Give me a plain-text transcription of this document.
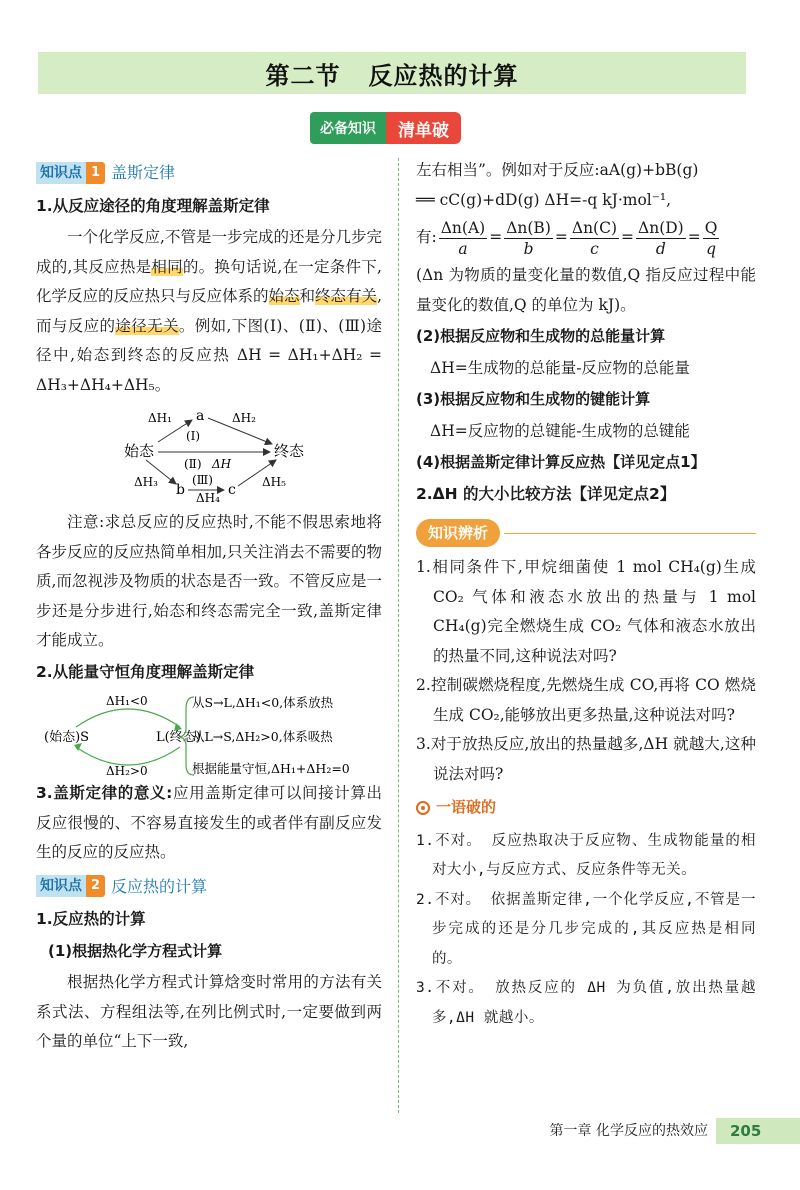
第二节 反应热的计算
必备知识	清单破
知识点 1 盖斯定律
1.从反应途径的角度理解盖斯定律
一个化学反应,不管是一步完成的还是分几步完成的,其反应热是相同的。换句话说,在一定条件下,化学反应的反应热只与反应体系的始态和终态有关,而与反应的途径无关。例如,下图(Ⅰ)、(Ⅱ)、(Ⅲ)途径中,始态到终态的反应热 ΔH = ΔH₁+ΔH₂ = ΔH₃+ΔH₄+ΔH₅。
始态	终态
a
b	c
ΔH₁	ΔH₂
(Ⅰ)
(Ⅱ) ΔH
ΔH₃	(Ⅲ)
ΔH₄
ΔH₅
注意:求总反应的反应热时,不能不假思索地将各步反应的反应热简单相加,只关注消去不需要的物质,而忽视涉及物质的状态是否一致。不管反应是一步还是分步进行,始态和终态需完全一致,盖斯定律才能成立。
2.从能量守恒角度理解盖斯定律
ΔH₁<0
ΔH₂>0
(始态)S	L(终态)
从S→L,ΔH₁<0,体系放热
从L→S,ΔH₂>0,体系吸热
根据能量守恒,ΔH₁+ΔH₂=0
3.盖斯定律的意义:应用盖斯定律可以间接计算出反应很慢的、不容易直接发生的或者伴有副反应发生的反应的反应热。
知识点 2 反应热的计算
1.反应热的计算
(1)根据热化学方程式计算
根据热化学方程式计算焓变时常用的方法有关系式法、方程组法等,在列比例式时,一定要做到两个量的单位“上下一致,
左右相当”。例如对于反应:aA(g)+bB(g)
══ cC(g)+dD(g) ΔH=-q kJ·mol⁻¹,
有: $\frac{\Delta n(A)}{a} = \frac{\Delta n(B)}{b} = \frac{\Delta n(C)}{c} = \frac{\Delta n(D)}{d} = \frac{Q}{q}$
(Δn 为物质的量变化量的数值,Q 指反应过程中能量变化的数值,Q 的单位为 kJ)。
(2)根据反应物和生成物的总能量计算
ΔH=生成物的总能量-反应物的总能量
(3)根据反应物和生成物的键能计算
ΔH=反应物的总键能-生成物的总键能
(4)根据盖斯定律计算反应热【详见定点1】
2.ΔH 的大小比较方法【详见定点2】
知识辨析
1.相同条件下,甲烷细菌使 1 mol CH₄(g)生成 CO₂ 气体和液态水放出的热量与 1 mol CH₄(g)完全燃烧生成 CO₂ 气体和液态水放出的热量不同,这种说法对吗?
2.控制碳燃烧程度,先燃烧生成 CO,再将 CO 燃烧生成 CO₂,能够放出更多热量,这种说法对吗?
3.对于放热反应,放出的热量越多,ΔH 就越大,这种说法对吗?
一语破的
1.不对。 反应热取决于反应物、生成物能量的相对大小,与反应方式、反应条件等无关。
2.不对。 依据盖斯定律,一个化学反应,不管是一步完成的还是分几步完成的,其反应热是相同的。
3.不对。 放热反应的 ΔH 为负值,放出热量越多,ΔH 就越小。
第一章 化学反应的热效应	205
